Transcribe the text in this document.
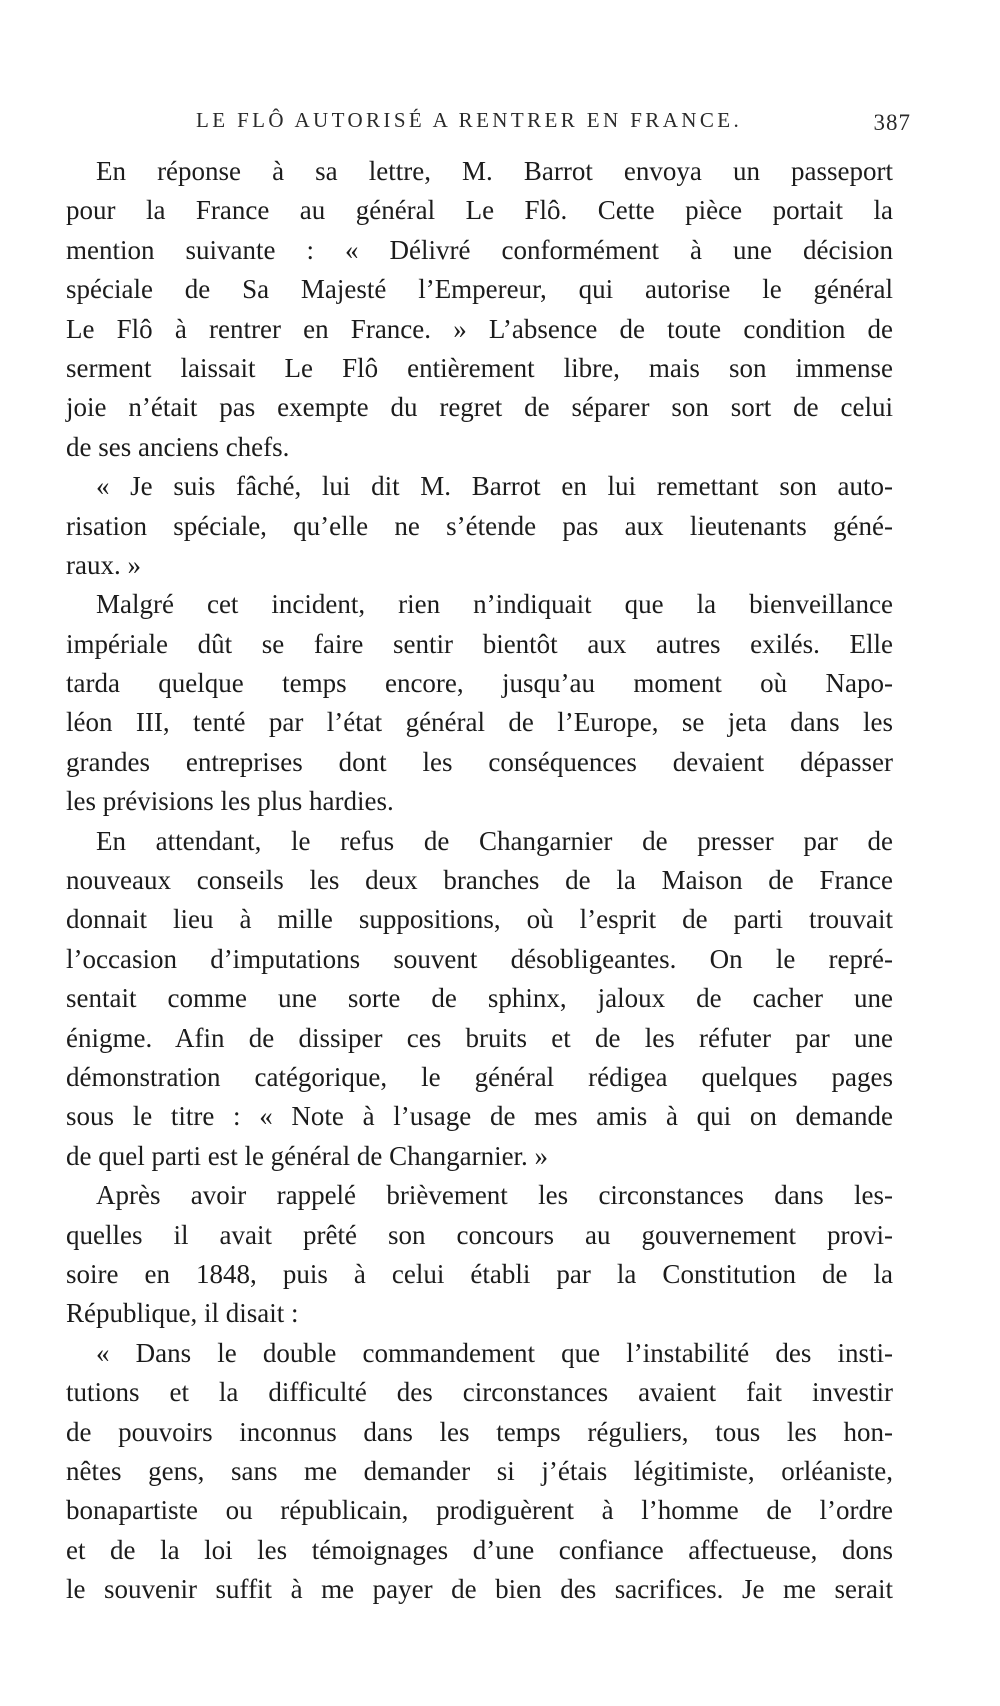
LE FLÔ AUTORISÉ A RENTRER EN FRANCE.	387
En réponse à sa lettre, M. Barrot envoya un passeport
pour la France au général Le Flô. Cette pièce portait la
mention suivante : « Délivré conformément à une décision
spéciale de Sa Majesté l’Empereur, qui autorise le général
Le Flô à rentrer en France. » L’absence de toute condition de
serment laissait Le Flô entièrement libre, mais son immense
joie n’était pas exempte du regret de séparer son sort de celui
de ses anciens chefs.
« Je suis fâché, lui dit M. Barrot en lui remettant son auto-
risation spéciale, qu’elle ne s’étende pas aux lieutenants géné-
raux. »
Malgré cet incident, rien n’indiquait que la bienveillance
impériale dût se faire sentir bientôt aux autres exilés. Elle
tarda quelque temps encore, jusqu’au moment où Napo-
léon III, tenté par l’état général de l’Europe, se jeta dans les
grandes entreprises dont les conséquences devaient dépasser
les prévisions les plus hardies.
En attendant, le refus de Changarnier de presser par de
nouveaux conseils les deux branches de la Maison de France
donnait lieu à mille suppositions, où l’esprit de parti trouvait
l’occasion d’imputations souvent désobligeantes. On le repré-
sentait comme une sorte de sphinx, jaloux de cacher une
énigme. Afin de dissiper ces bruits et de les réfuter par une
démonstration catégorique, le général rédigea quelques pages
sous le titre : « Note à l’usage de mes amis à qui on demande
de quel parti est le général de Changarnier. »
Après avoir rappelé brièvement les circonstances dans les-
quelles il avait prêté son concours au gouvernement provi-
soire en 1848, puis à celui établi par la Constitution de la
République, il disait :
« Dans le double commandement que l’instabilité des insti-
tutions et la difficulté des circonstances avaient fait investir
de pouvoirs inconnus dans les temps réguliers, tous les hon-
nêtes gens, sans me demander si j’étais légitimiste, orléaniste,
bonapartiste ou républicain, prodiguèrent à l’homme de l’ordre
et de la loi les témoignages d’une confiance affectueuse, dons
le souvenir suffit à me payer de bien des sacrifices. Je me serait
